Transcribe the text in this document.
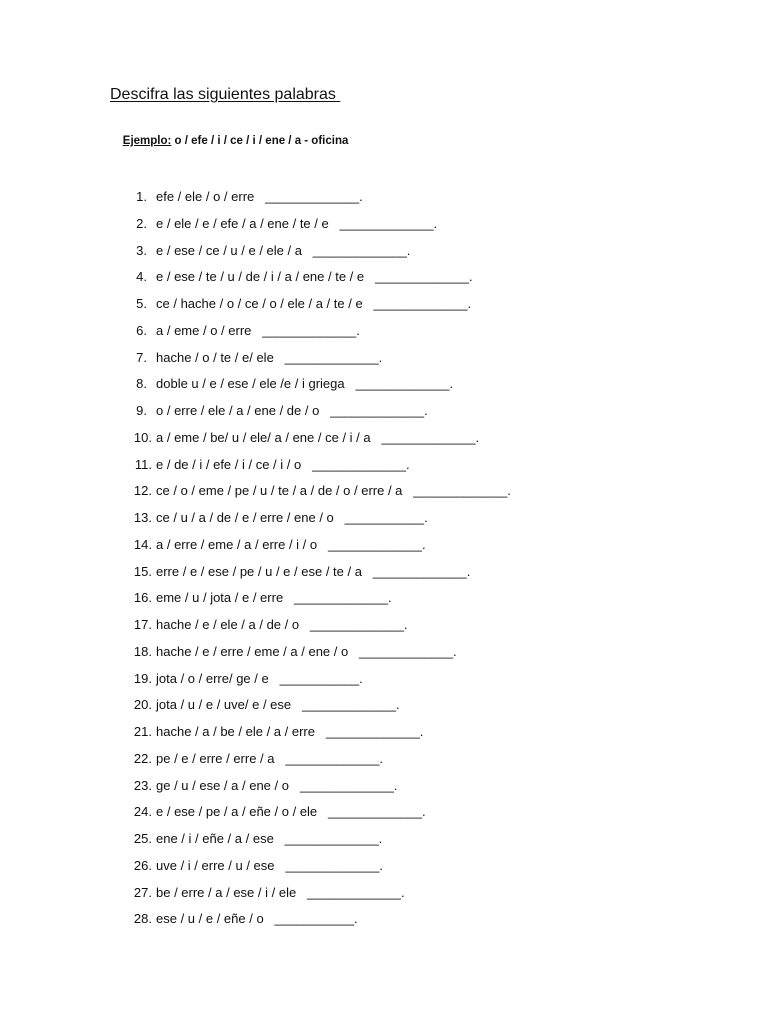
Descifra las siguientes palabras

Ejemplo: o / efe / i / ce / i / ene / a - oficina

1. efe / ele / o / erre   _____________.
2. e / ele / e / efe / a / ene / te / e   _____________.
3. e / ese / ce / u / e / ele / a   _____________.
4. e / ese / te / u / de / i / a / ene / te / e   _____________.
5. ce / hache / o / ce / o / ele / a / te / e   _____________.
6. a / eme / o / erre   _____________.
7. hache / o / te / e/ ele   _____________.
8. doble u / e / ese / ele /e / i griega   _____________.
9. o / erre / ele / a / ene / de / o   _____________.
10. a / eme / be/ u / ele/ a / ene / ce / i / a   _____________.
11. e / de / i / efe / i / ce / i / o   _____________.
12. ce / o / eme / pe / u / te / a / de / o / erre / a   _____________.
13. ce / u / a / de / e / erre / ene / o   ___________.
14. a / erre / eme / a / erre / i / o   _____________.
15. erre / e / ese / pe / u / e / ese / te / a   _____________.
16. eme / u / jota / e / erre   _____________.
17. hache / e / ele / a / de / o   _____________.
18. hache / e / erre / eme / a / ene / o   _____________.
19. jota / o / erre/ ge / e   ___________.
20. jota / u / e / uve/ e / ese   _____________.
21. hache / a / be / ele / a / erre   _____________.
22. pe / e / erre / erre / a   _____________.
23. ge / u / ese / a / ene / o   _____________.
24. e / ese / pe / a / eñe / o / ele   _____________.
25. ene / i / eñe / a / ese   _____________.
26. uve / i / erre / u / ese   _____________.
27. be / erre / a / ese / i / ele   _____________.
28. ese / u / e / eñe / o   ___________.
